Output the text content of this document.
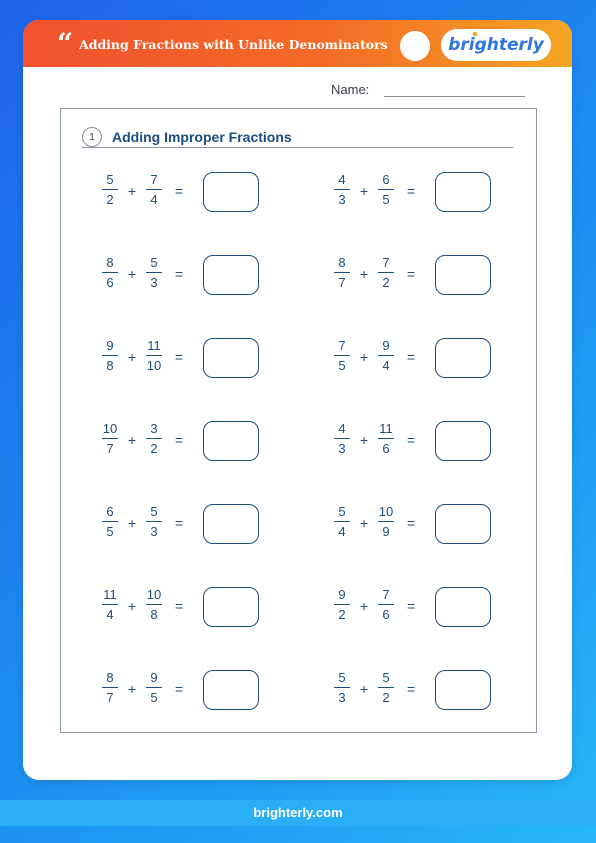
“ Adding Fractions with Unlike Denominators	brighterly
Name:
1	Adding Improper Fractions
5
2
+
7
4
=
4
3
+
6
5
=
8
6
+
5
3
=
8
7
+
7
2
=
9
8
+
11
10
=
7
5
+
9
4
=
10
7
+
3
2
=
4
3
+
11
6
=
6
5
+
5
3
=
5
4
+
10
9
=
11
4
+
10
8
=
9
2
+
7
6
=
8
7
+
9
5
=
5
3
+
5
2
=
brighterly.com
